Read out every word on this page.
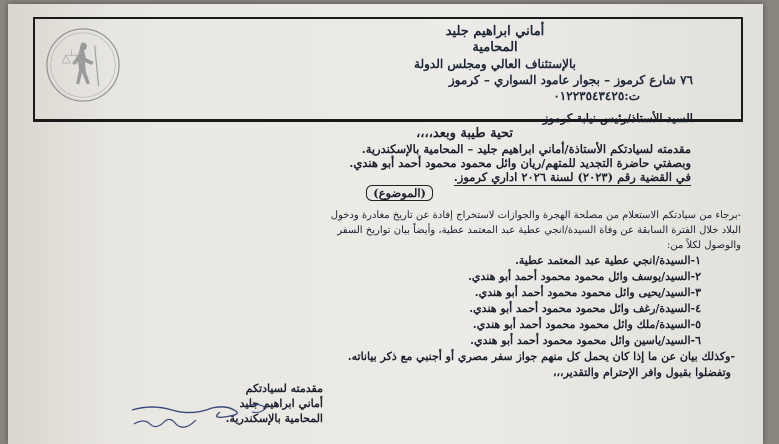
أماني ابراهيم جليد
المحامية
بالإستئناف العالي ومجلس الدولة
٧٦ شارع كرموز – بجوار عامود السواري – كرموز
ت:٠١٢٢٣٥٤٣٤٢٥
السيد الأستاذ/رئيس نيابة كرموز.
تحية طيبة وبعد،،،،
مقدمته لسيادتكم الأستاذة/أماني ابراهيم جليد – المحامية بالإسكندرية.
وبصفتي حاضرة التجديد للمتهم/ريان وائل محمود محمود أحمد أبو هندي.
في القضية رقم (٢٠٢٣) لسنة ٢٠٢٦ اداري كرموز.
(الموضوع)
-برجاء من سيادتكم الاستعلام من مصلحة الهجرة والجوازات لاستخراج إفادة عن تاريخ مغادرة ودخول
البلاد خلال الفترة السابقة عن وفاة السيدة/انجي عطية عبد المعتمد عطية، وأيضاً بيان تواريخ السفر
والوصول لكلاً من:
١-السيدة/انجي عطية عبد المعتمد عطية.
٢-السيد/يوسف وائل محمود محمود أحمد أبو هندي.
٣-السيد/يحيى وائل محمود محمود أحمد أبو هندي.
٤-السيدة/رغف وائل محمود محمود أحمد أبو هندي.
٥-السيدة/ملك وائل محمود محمود أحمد أبو هندي.
٦-السيد/ياسين وائل محمود محمود أحمد أبو هندي.
-وكذلك بيان عن ما إذا كان يحمل كل منهم جواز سفر مصري أو أجنبي مع ذكر بياناته.
وتفضلوا بقبول وافر الإحترام والتقدير،،،
مقدمته لسيادتكم
أماني ابراهيم جليد
المحامية بالإسكندرية.
